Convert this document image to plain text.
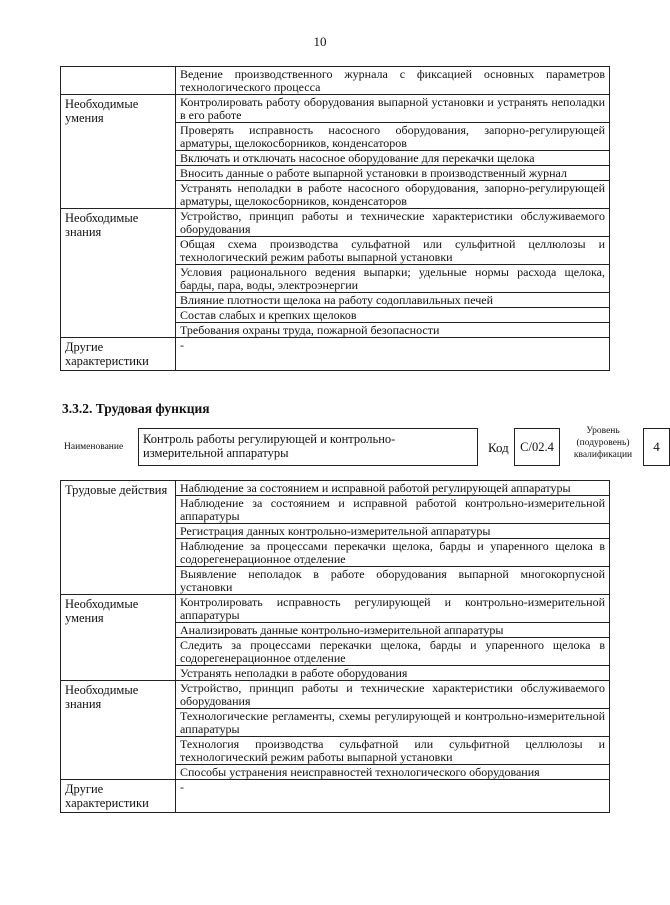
10
	Ведение производственного журнала с фиксацией основных параметров технологического процесса
Необходимые умения	Контролировать работу оборудования выпарной установки и устранять неполадки в его работе
	Проверять исправность насосного оборудования, запорно-регулирующей арматуры, щелокосборников, конденсаторов
	Включать и отключать насосное оборудование для перекачки щелока
	Вносить данные о работе выпарной установки в производственный журнал
	Устранять неполадки в работе насосного оборудования, запорно-регулирующей арматуры, щелокосборников, конденсаторов
Необходимые знания	Устройство, принцип работы и технические характеристики обслуживаемого оборудования
	Общая схема производства сульфатной или сульфитной целлюлозы и технологический режим работы выпарной установки
	Условия рационального ведения выпарки; удельные нормы расхода щелока, барды, пара, воды, электроэнергии
	Влияние плотности щелока на работу содоплавильных печей
	Состав слабых и крепких щелоков
	Требования охраны труда, пожарной безопасности
Другие характеристики	-
3.3.2. Трудовая функция
Наименование
Контроль работы регулирующей и контрольно-измерительной аппаратуры	Код С/02.4
Уровень (подуровень) квалификации
4
Трудовые действия	Наблюдение за состоянием и исправной работой регулирующей аппаратуры
	Наблюдение за состоянием и исправной работой контрольно-измерительной аппаратуры
	Регистрация данных контрольно-измерительной аппаратуры
	Наблюдение за процессами перекачки щелока, барды и упаренного щелока в содорегенерационное отделение
	Выявление неполадок в работе оборудования выпарной многокорпусной установки
Необходимые умения	Контролировать исправность регулирующей и контрольно-измерительной аппаратуры
	Анализировать данные контрольно-измерительной аппаратуры
	Следить за процессами перекачки щелока, барды и упаренного щелока в содорегенерационное отделение
	Устранять неполадки в работе оборудования
Необходимые знания	Устройство, принцип работы и технические характеристики обслуживаемого оборудования
	Технологические регламенты, схемы регулирующей и контрольно-измерительной аппаратуры
	Технология производства сульфатной или сульфитной целлюлозы и технологический режим работы выпарной установки
	Способы устранения неисправностей технологического оборудования
Другие характеристики	-
